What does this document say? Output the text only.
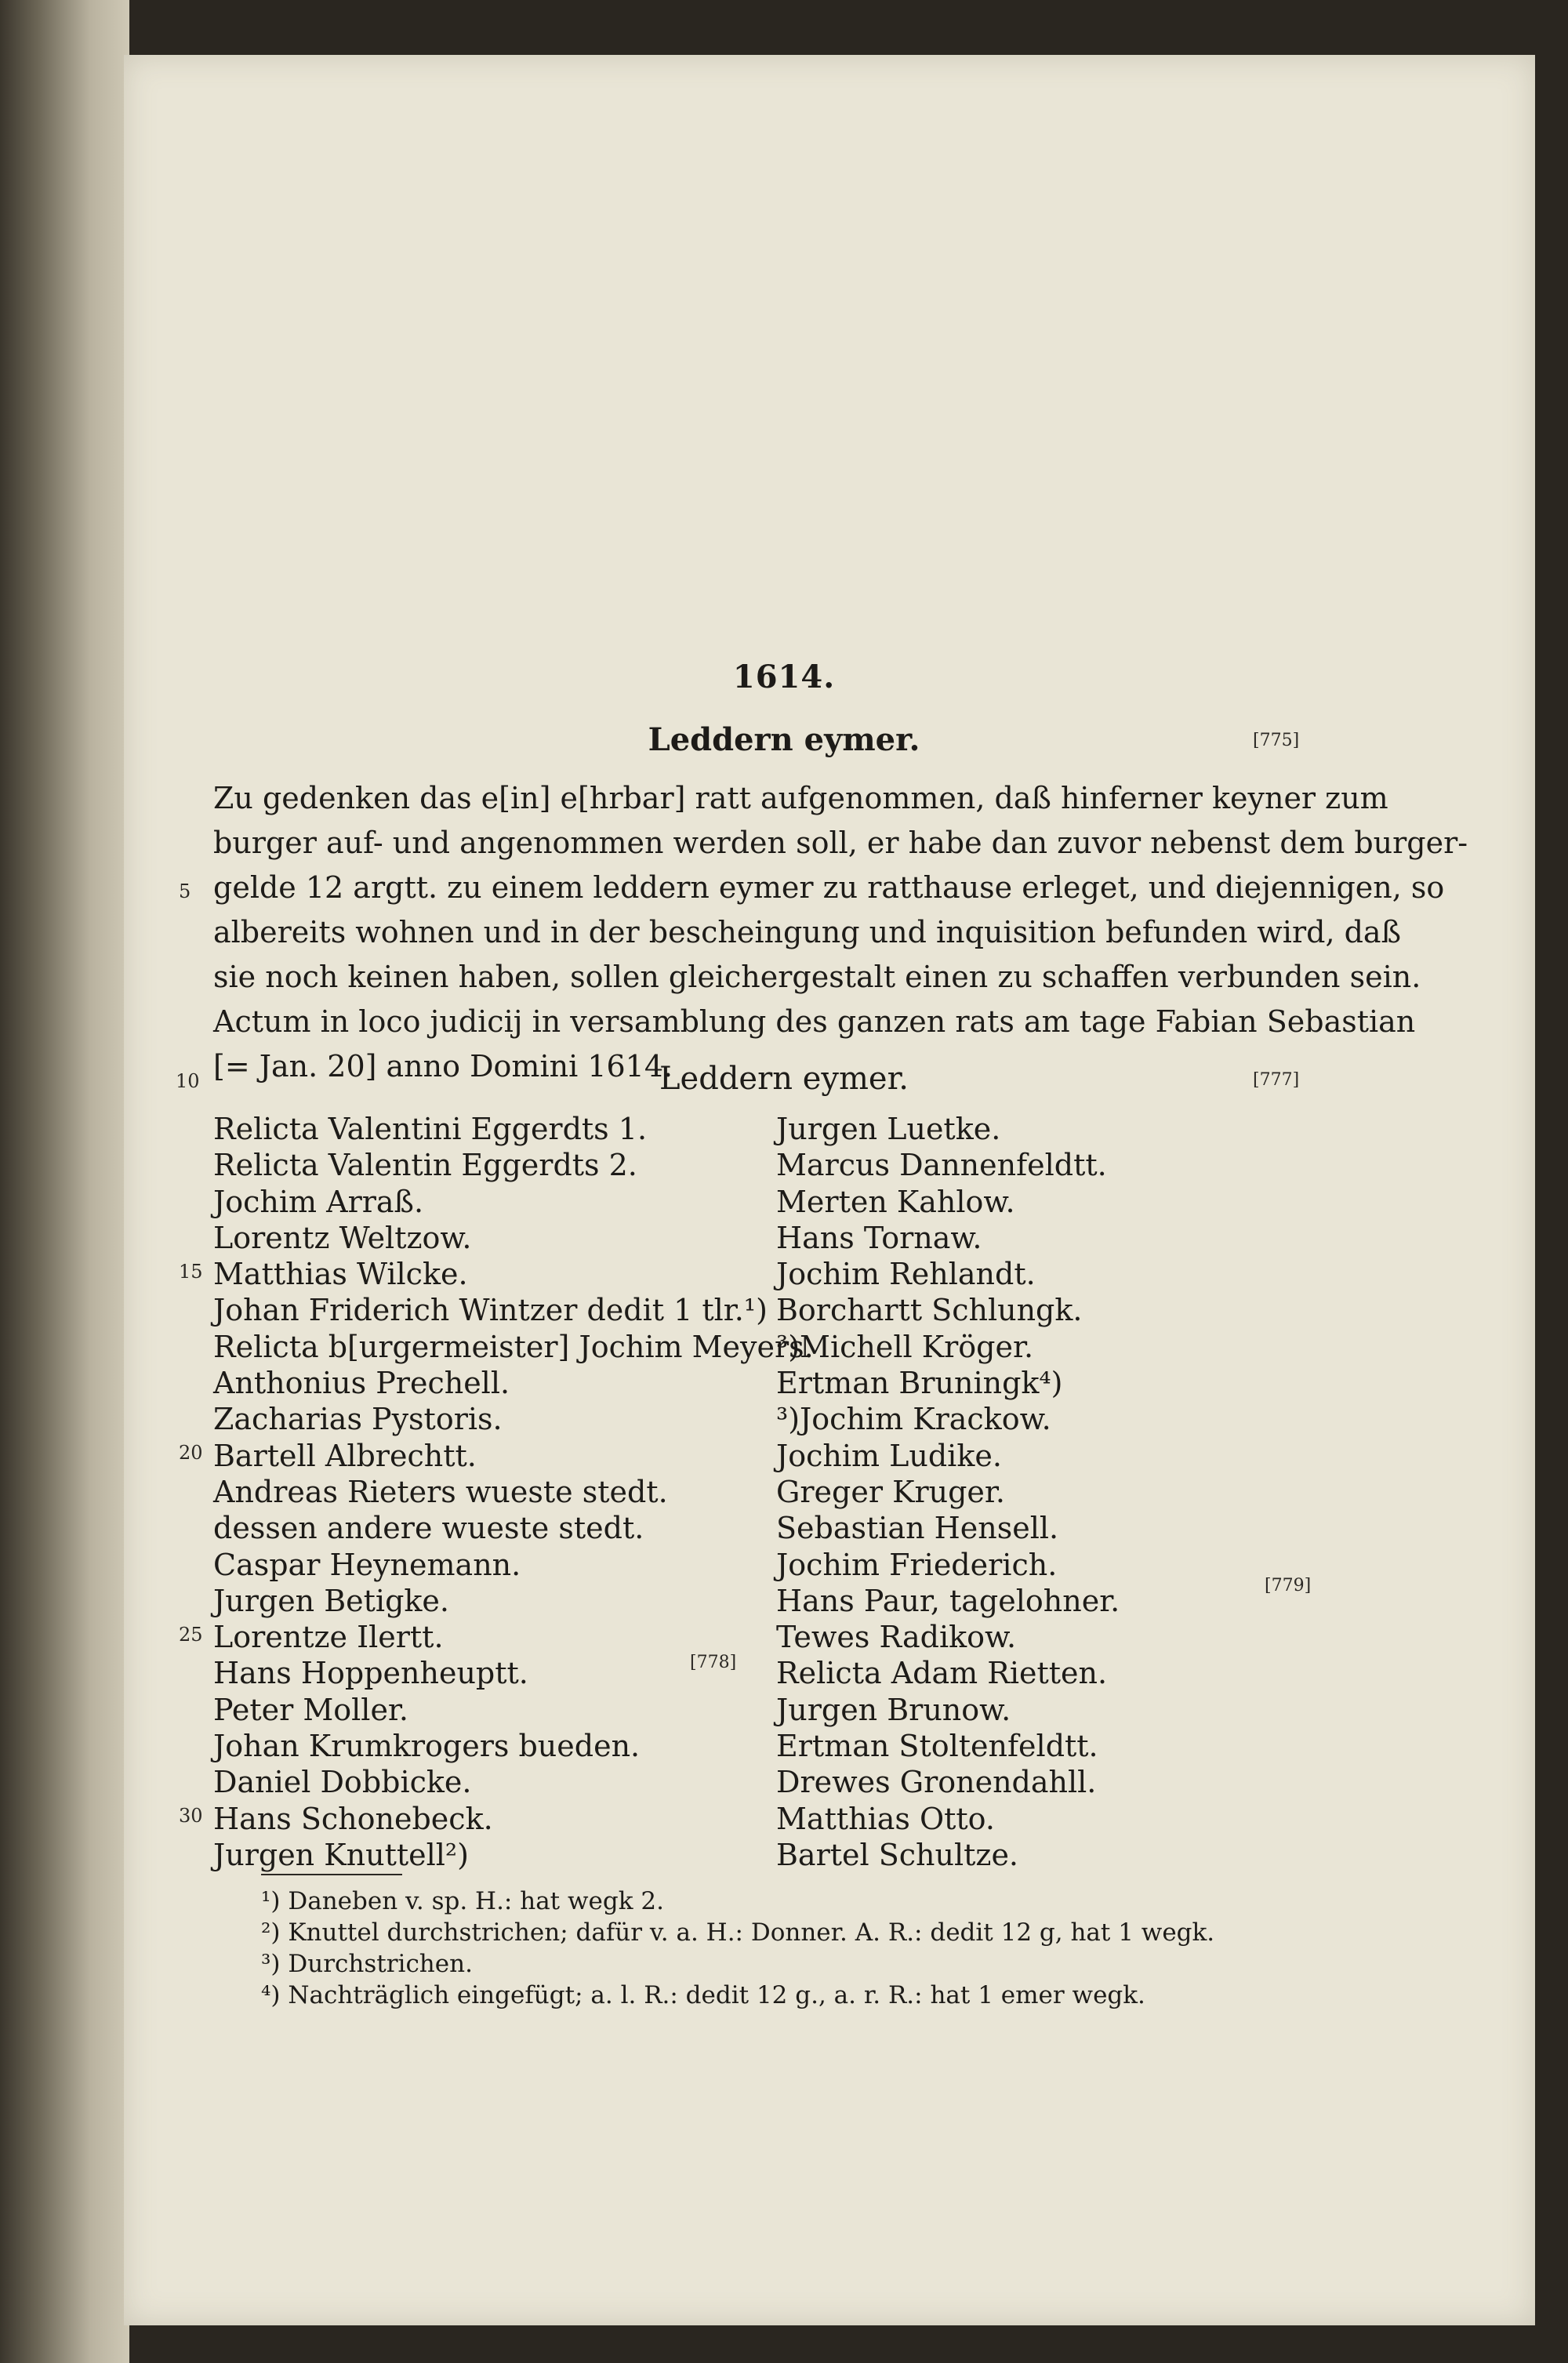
1614.
Leddern eymer.	[775]
Zu gedenken das e[in] e[hrbar] ratt aufgenommen, daß hinferner keyner zum
burger auf- und angenommen werden soll, er habe dan zuvor nebenst dem burger-
gelde 12 argtt. zu einem leddern eymer zu ratthause erleget, und diejennigen, so
albereits wohnen und in der bescheingung und inquisition befunden wird, daß
sie noch keinen haben, sollen gleichergestalt einen zu schaffen verbunden sein.
Actum in loco judicij in versamblung des ganzen rats am tage Fabian Sebastian
[= Jan. 20] anno Domini 1614.
5
Leddern eymer.
10	[777]
Relicta Valentini Eggerdts 1.
Relicta Valentin Eggerdts 2.
Jochim Arraß.
Lorentz Weltzow.
Matthias Wilcke.
Johan Friderich Wintzer dedit 1 tlr.¹)
Relicta b[urgermeister] Jochim Meyers.
Anthonius Prechell.
Zacharias Pystoris.
Bartell Albrechtt.
Andreas Rieters wueste stedt.
dessen andere wueste stedt.
Caspar Heynemann.
Jurgen Betigke.
Lorentze Ilertt.
Hans Hoppenheuptt.
Peter Moller.
Johan Krumkrogers bueden.
Daniel Dobbicke.
Hans Schonebeck.
Jurgen Knuttell²)
15
20
25
30
[778]
Jurgen Luetke.
Marcus Dannenfeldtt.
Merten Kahlow.
Hans Tornaw.
Jochim Rehlandt.
Borchartt Schlungk.
³)Michell Kröger.
Ertman Bruningk⁴)
³)Jochim Krackow.
Jochim Ludike.
Greger Kruger.
Sebastian Hensell.
Jochim Friederich.
Hans Paur, tagelohner.
Tewes Radikow.
Relicta Adam Rietten.
Jurgen Brunow.
Ertman Stoltenfeldtt.
Drewes Gronendahll.
Matthias Otto.
Bartel Schultze.
[779]
¹) Daneben v. sp. H.: hat wegk 2.
²) Knuttel durchstrichen; dafür v. a. H.: Donner. A. R.: dedit 12 g, hat 1 wegk.
³) Durchstrichen.
⁴) Nachträglich eingefügt; a. l. R.: dedit 12 g., a. r. R.: hat 1 emer wegk.
